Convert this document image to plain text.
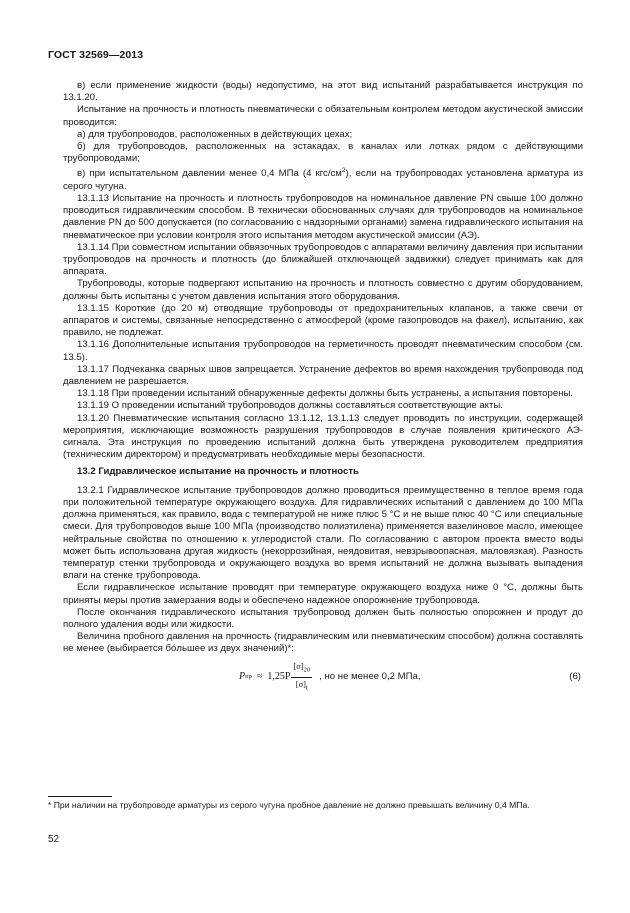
ГОСТ 32569—2013

в) если применение жидкости (воды) недопустимо, на этот вид испытаний разрабатывается инструкция по 13.1.20.

Испытание на прочность и плотность пневматически с обязательным контролем методом акустической эмиссии проводится:

а) для трубопроводов, расположенных в действующих цехах;

б) для трубопроводов, расположенных на эстакадах, в каналах или лотках рядом с действующими трубопроводами;

в) при испытательном давлении менее 0,4 МПа (4 кгс/$см^2$), если на трубопроводах установлена арматура из серого чугуна.

13.1.13 Испытание на прочность и плотность трубопроводов на номинальное давление PN свыше 100 должно проводиться гидравлическим способом. В технически обоснованных случаях для трубопроводов на номинальное давление PN до 500 допускается (по согласованию с надзорными органами) замена гидравлического испытания на пневматическое при условии контроля этого испытания методом акустической эмиссии (АЭ).

13.1.14 При совместном испытании обвязочных трубопроводов с аппаратами величину давления при испытании трубопроводов на прочность и плотность (до ближайшей отключающей задвижки) следует принимать как для аппарата.

Трубопроводы, которые подвергают испытанию на прочность и плотность совместно с другим оборудованием, должны быть испытаны с учетом давления испытания этого оборудования.

13.1.15 Короткие (до 20 м) отводящие трубопроводы от предохранительных клапанов, а также свечи от аппаратов и системы, связанные непосредственно с атмосферой (кроме газопроводов на факел), испытанию, как правило, не подлежат.

13.1.16 Дополнительные испытания трубопроводов на герметичность проводят пневматическим способом (см. 13.5).

13.1.17 Подчеканка сварных швов запрещается. Устранение дефектов во время нахождения трубопровода под давлением не разрешается.

13.1.18 При проведении испытаний обнаруженные дефекты должны быть устранены, а испытания повторены.

13.1.19 О проведении испытаний трубопроводов должны составляться соответствующие акты.

13.1.20 Пневматические испытания согласно 13.1.12, 13.1.13 следует проводить по инструкции, содержащей мероприятия, исключающие возможность разрушения трубопроводов в случае появления критического АЭ-сигнала. Эта инструкция по проведению испытаний должна быть утверждена руководителем предприятия (техническим директором) и предусматривать необходимые меры безопасности.

13.2 Гидравлическое испытание на прочность и плотность

13.2.1 Гидравлическое испытание трубопроводов должно проводиться преимущественно в теплое время года при положительной температуре окружающего воздуха. Для гидравлических испытаний с давлением до 100 МПа должна применяться, как правило, вода с температурой не ниже плюс 5 °С и не выше плюс 40 °С или специальные смеси. Для трубопроводов выше 100 МПа (производство полиэтилена) применяется вазелиновое масло, имеющее нейтральные свойства по отношению к углеродистой стали. По согласованию с автором проекта вместо воды может быть использована другая жидкость (некоррозийная, неядовитая, невзрывоопасная, маловязкая). Разность температур стенки трубопровода и окружающего воздуха во время испытаний не должна вызывать выпадения влаги на стенке трубопровода.

Если гидравлическое испытание проводят при температуре окружающего воздуха ниже 0 °С, должны быть приняты меры против замерзания воды и обеспечено надежное опорожнение трубопровода.

После окончания гидравлического испытания трубопровод должен быть полностью опорожнен и продут до полного удаления воды или жидкости.

Величина пробного давления на прочность (гидравлическим или пневматическим способом) должна составлять не менее (выбирается бóльшее из двух значений)*:

P пр ≈ $1,25P \frac{[\sigma]_{20}}{[\sigma]_t}$ , но не менее 0,2 МПа,	(6)
* При наличии на трубопроводе арматуры из серого чугуна пробное давление не должно превышать величину 0,4 МПа.
52
